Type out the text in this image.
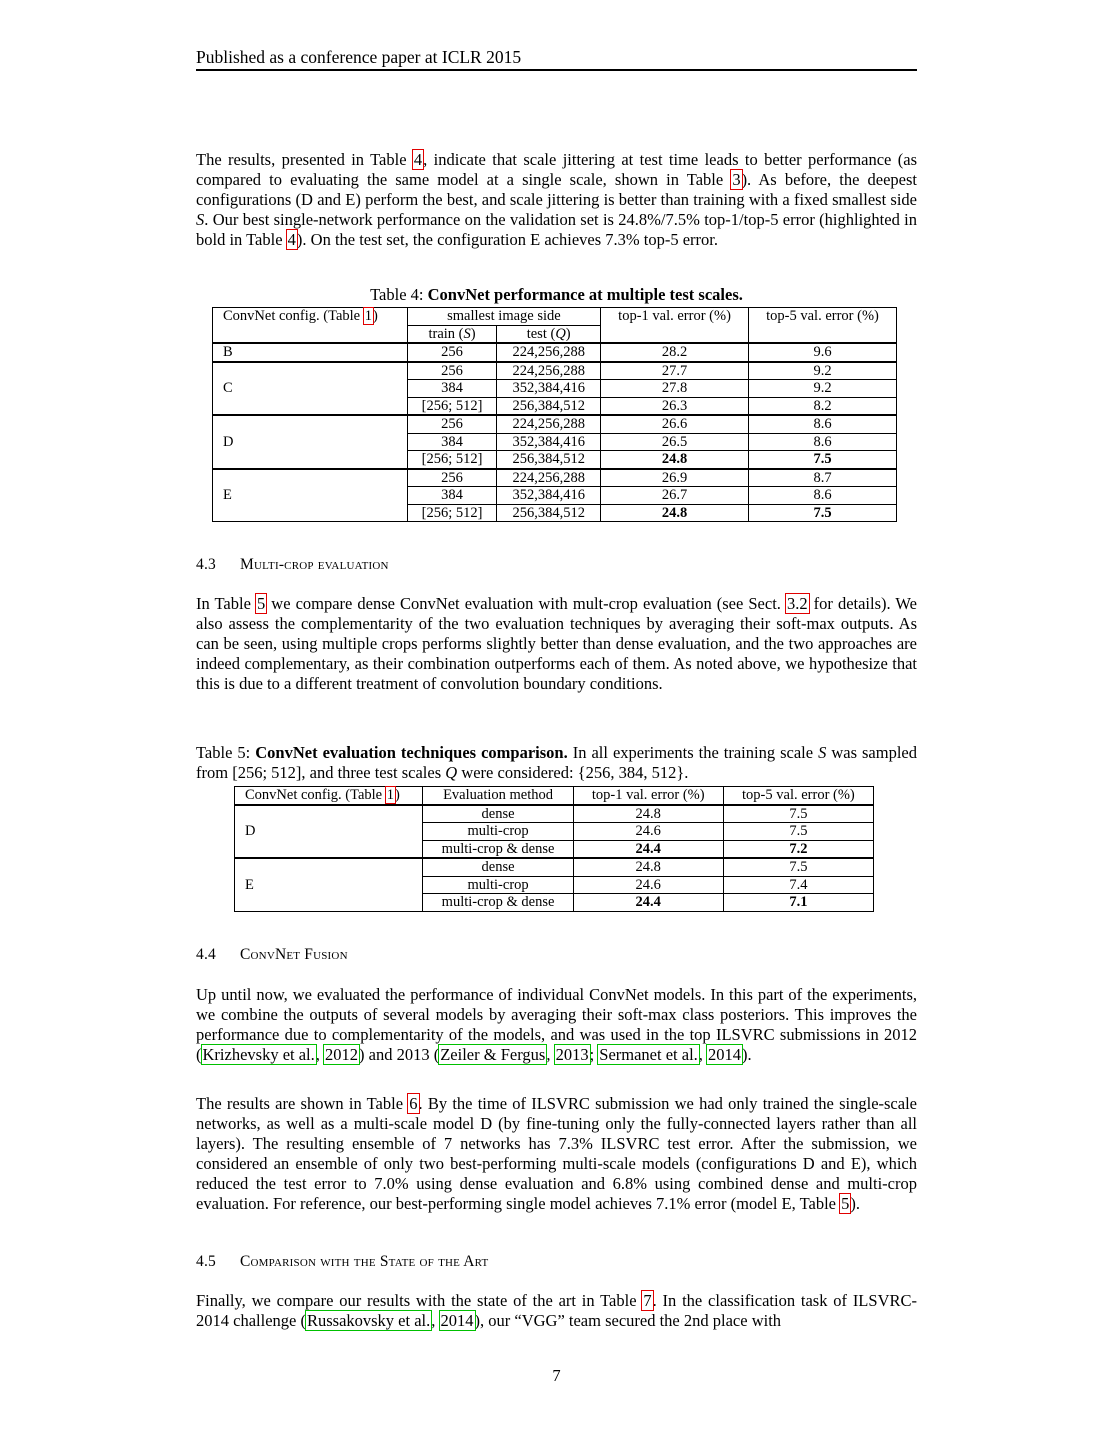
Published as a conference paper at ICLR 2015

The results, presented in Table 4, indicate that scale jittering at test time leads to better performance (as compared to evaluating the same model at a single scale, shown in Table 3). As before, the deepest configurations (D and E) perform the best, and scale jittering is better than training with a fixed smallest side S. Our best single-network performance on the validation set is 24.8%/7.5% top-1/top-5 error (highlighted in bold in Table 4). On the test set, the configuration E achieves 7.3% top-5 error.

Table 4: ConvNet performance at multiple test scales.
ConvNet config. (Table 1)	smallest image side		top-1 val. error (%)	top-5 val. error (%)
	train (S)	test (Q)		
B	256	224,256,288	28.2	9.6
C	256	224,256,288	27.7	9.2
	384	352,384,416	27.8	9.2
	[256; 512]	256,384,512	26.3	8.2
D	256	224,256,288	26.6	8.6
	384	352,384,416	26.5	8.6
	[256; 512]	256,384,512	24.8	7.5
E	256	224,256,288	26.9	8.7
	384	352,384,416	26.7	8.6
	[256; 512]	256,384,512	24.8	7.5
4.3 Multi-crop evaluation

In Table 5 we compare dense ConvNet evaluation with mult-crop evaluation (see Sect. 3.2 for details). We also assess the complementarity of the two evaluation techniques by averaging their soft-max outputs. As can be seen, using multiple crops performs slightly better than dense evaluation, and the two approaches are indeed complementary, as their combination outperforms each of them. As noted above, we hypothesize that this is due to a different treatment of convolution boundary conditions.

Table 5: ConvNet evaluation techniques comparison. In all experiments the training scale S was sampled from [256; 512], and three test scales Q were considered: {256, 384, 512}.

ConvNet config. (Table 1)	Evaluation method	top-1 val. error (%)	top-5 val. error (%)
D	dense	24.8	7.5
	multi-crop	24.6	7.5
	multi-crop & dense	24.4	7.2
E	dense	24.8	7.5
	multi-crop	24.6	7.4
	multi-crop & dense	24.4	7.1
4.4 ConvNet Fusion

Up until now, we evaluated the performance of individual ConvNet models. In this part of the experiments, we combine the outputs of several models by averaging their soft-max class posteriors. This improves the performance due to complementarity of the models, and was used in the top ILSVRC submissions in 2012 (Krizhevsky et al., 2012) and 2013 (Zeiler & Fergus, 2013; Sermanet et al., 2014).

The results are shown in Table 6. By the time of ILSVRC submission we had only trained the single-scale networks, as well as a multi-scale model D (by fine-tuning only the fully-connected layers rather than all layers). The resulting ensemble of 7 networks has 7.3% ILSVRC test error. After the submission, we considered an ensemble of only two best-performing multi-scale models (configurations D and E), which reduced the test error to 7.0% using dense evaluation and 6.8% using combined dense and multi-crop evaluation. For reference, our best-performing single model achieves 7.1% error (model E, Table 5).

4.5 Comparison with the State of the Art

Finally, we compare our results with the state of the art in Table 7. In the classification task of ILSVRC-2014 challenge (Russakovsky et al., 2014), our “VGG” team secured the 2nd place with

7
